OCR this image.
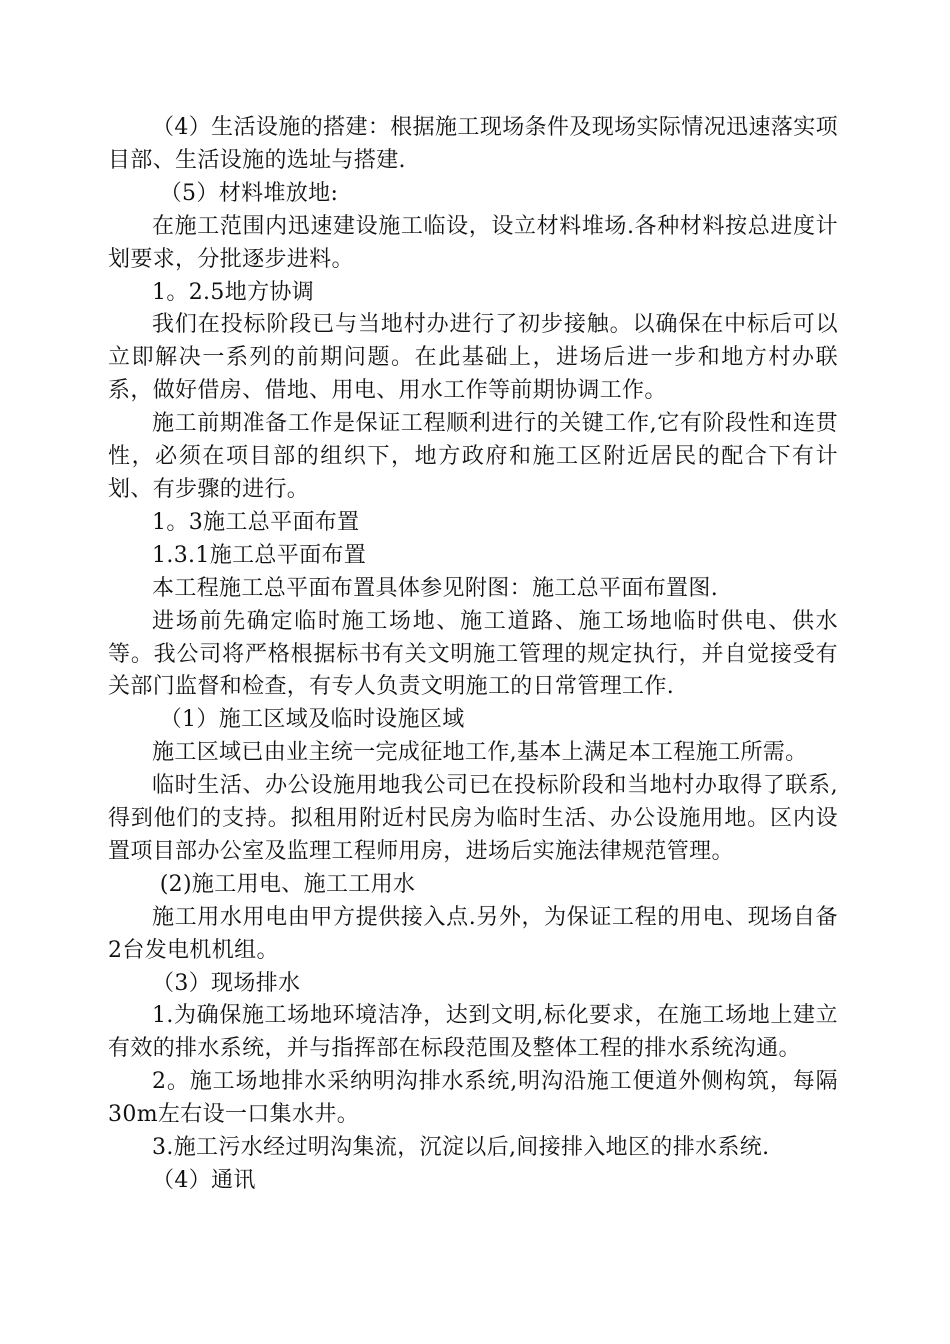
（4）生活设施的搭建：根据施工现场条件及现场实际情况迅速落实项目部、生活设施的选址与搭建.

（5）材料堆放地:

在施工范围内迅速建设施工临设，设立材料堆场.各种材料按总进度计划要求，分批逐步进料。

1。2.5地方协调

我们在投标阶段已与当地村办进行了初步接触。以确保在中标后可以立即解决一系列的前期问题。在此基础上，进场后进一步和地方村办联系，做好借房、借地、用电、用水工作等前期协调工作。

施工前期准备工作是保证工程顺利进行的关键工作,它有阶段性和连贯性，必须在项目部的组织下，地方政府和施工区附近居民的配合下有计划、有步骤的进行。

1。3施工总平面布置

1.3.1施工总平面布置

本工程施工总平面布置具体参见附图：施工总平面布置图.

进场前先确定临时施工场地、施工道路、施工场地临时供电、供水等。我公司将严格根据标书有关文明施工管理的规定执行，并自觉接受有关部门监督和检查，有专人负责文明施工的日常管理工作.

（1）施工区域及临时设施区域

施工区域已由业主统一完成征地工作,基本上满足本工程施工所需。

临时生活、办公设施用地我公司已在投标阶段和当地村办取得了联系,得到他们的支持。拟租用附近村民房为临时生活、办公设施用地。区内设置项目部办公室及监理工程师用房，进场后实施法律规范管理。

(2)施工用电、施工工用水

施工用水用电由甲方提供接入点.另外，为保证工程的用电、现场自备2台发电机机组。

（3）现场排水

1.为确保施工场地环境洁净，达到文明,标化要求，在施工场地上建立有效的排水系统，并与指挥部在标段范围及整体工程的排水系统沟通。

2。施工场地排水采纳明沟排水系统,明沟沿施工便道外侧构筑，每隔30m左右设一口集水井。

3.施工污水经过明沟集流，沉淀以后,间接排入地区的排水系统.

（4）通讯
